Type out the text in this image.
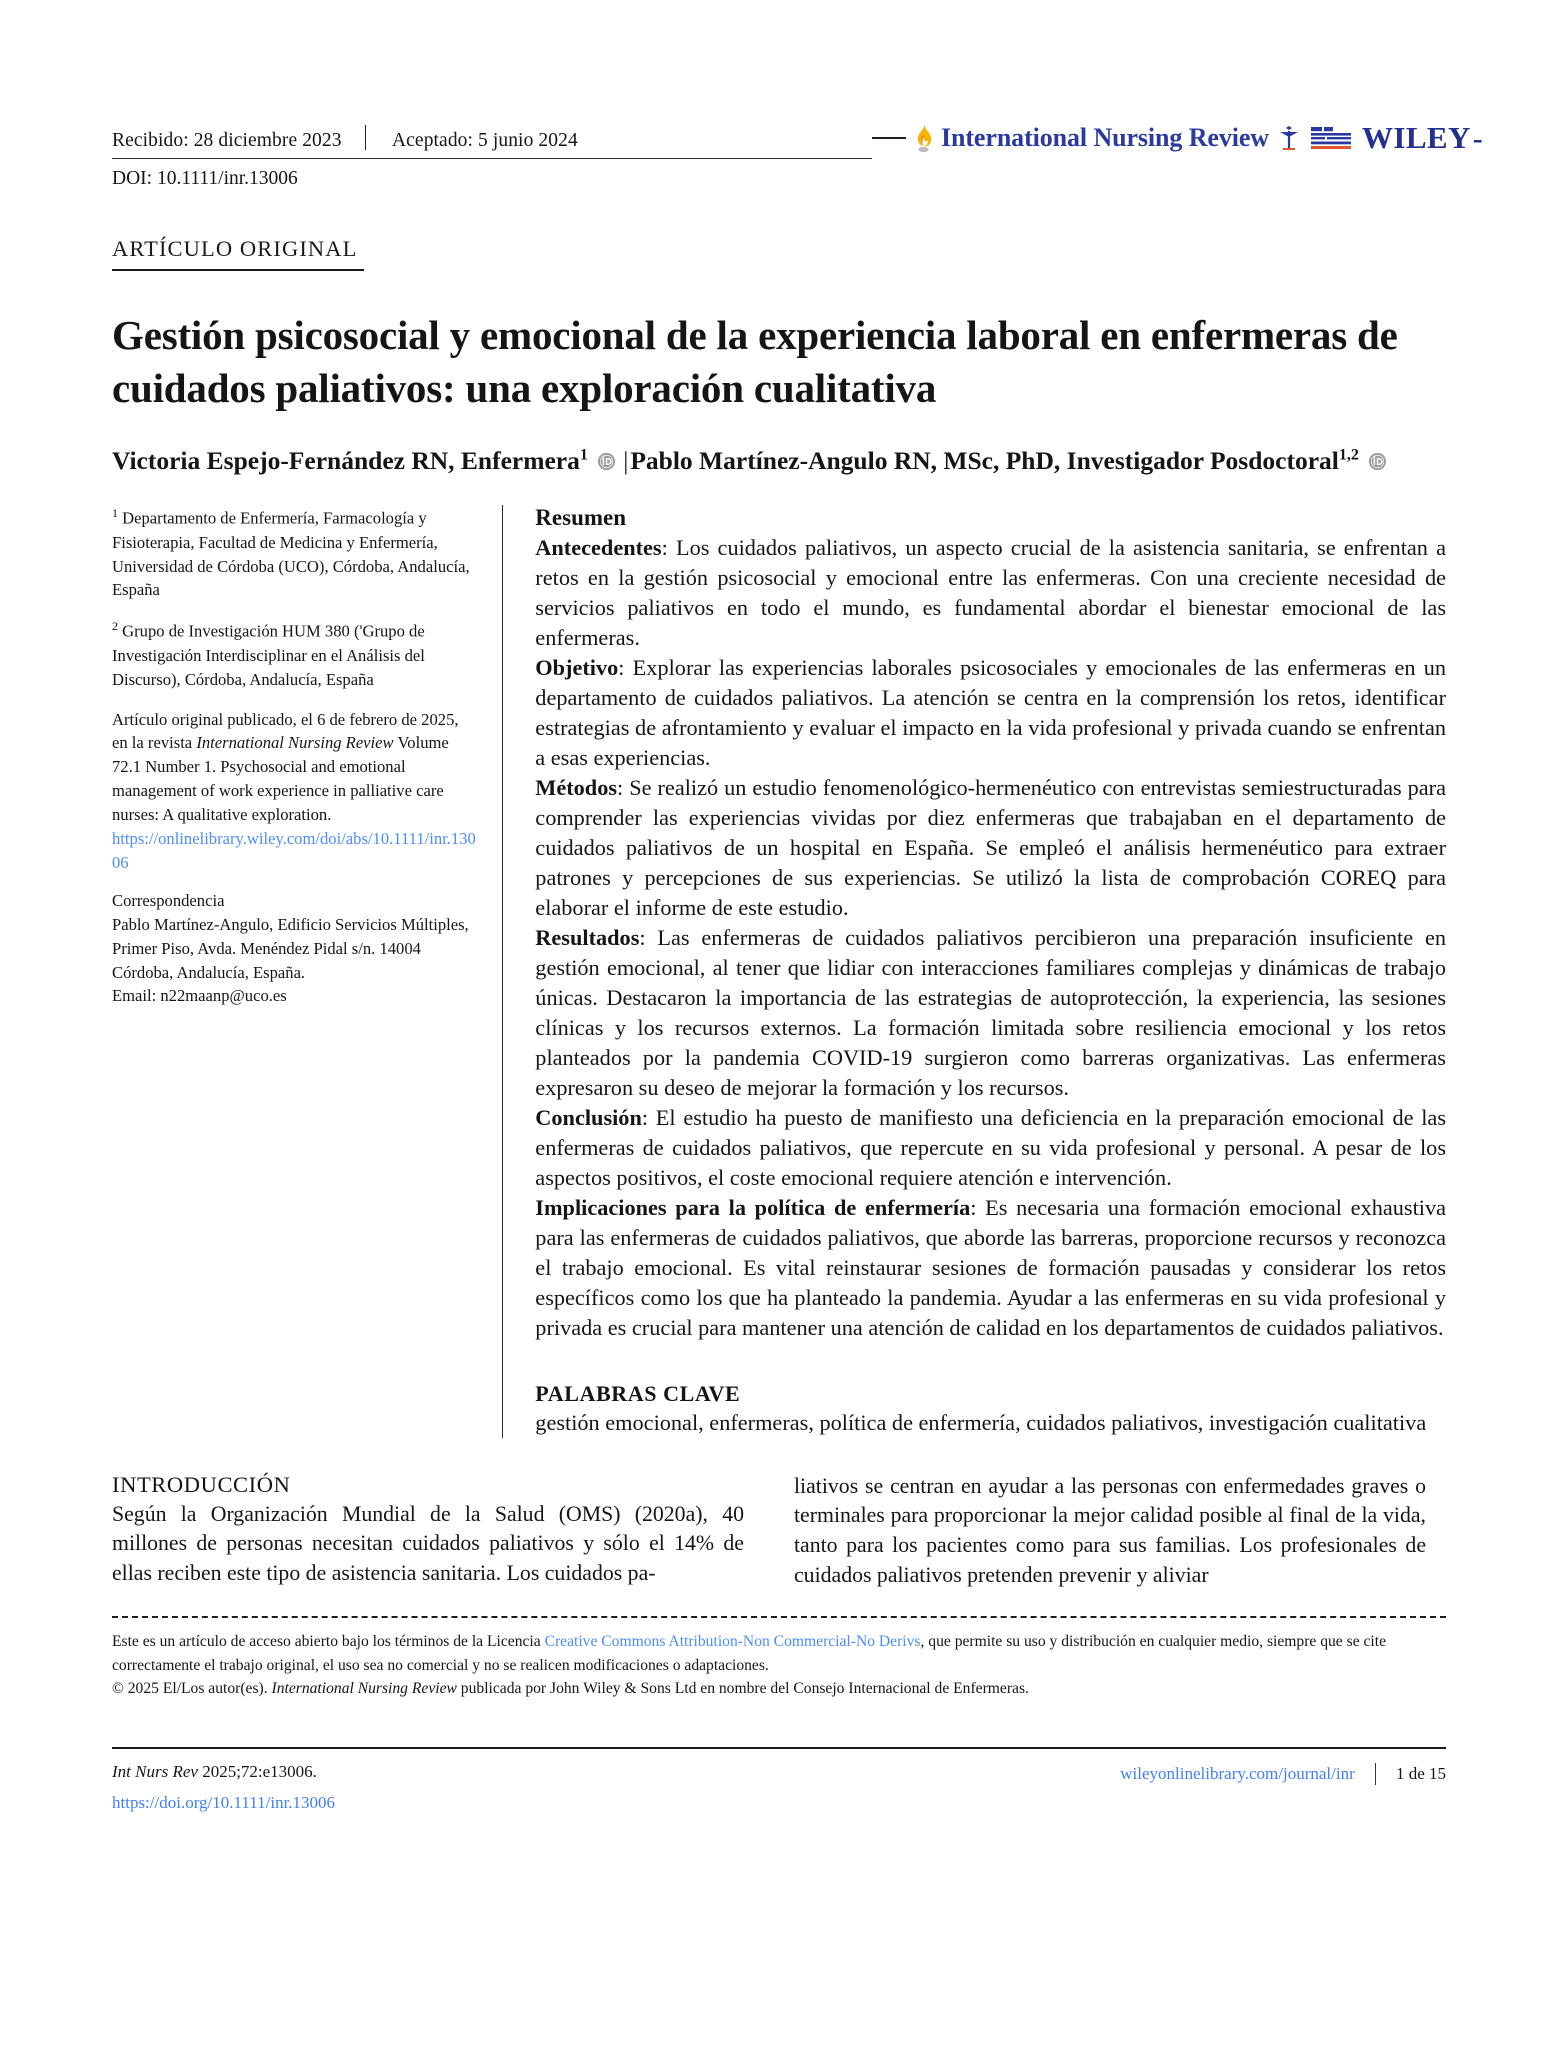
Recibido: 28 diciembre 2023	Aceptado: 5 junio 2024
DOI: 10.1111/inr.13006
International Nursing Review	WILEY-
ARTÍCULO ORIGINAL
Gestión psicosocial y emocional de la experiencia laboral en enfermeras de cuidados paliativos: una exploración cualitativa
Victoria Espejo-Fernández RN, Enfermera$^1$ |Pablo Martínez-Angulo RN, MSc, PhD, Investigador Posdoctoral$^{1,2}$
$^1$ Departamento de Enfermería, Farmacología y Fisioterapia, Facultad de Medicina y Enfermería, Universidad de Córdoba (UCO), Córdoba, Andalucía, España
$^2$ Grupo de Investigación HUM 380 ('Grupo de Investigación Interdisciplinar en el Análisis del Discurso), Córdoba, Andalucía, España
Artículo original publicado, el 6 de febrero de 2025, en la revista International Nursing Review Volume 72.1 Number 1. Psychosocial and emotional management of work experience in palliative care nurses: A qualitative exploration.
https://onlinelibrary.wiley.com/doi/abs/10.1111/inr.13006
Correspondencia
Pablo Martínez-Angulo, Edificio Servicios Múltiples,
Primer Piso, Avda. Menéndez Pidal s/n. 14004
Córdoba, Andalucía, España.
Email: n22maanp@uco.es
Resumen

Antecedentes: Los cuidados paliativos, un aspecto crucial de la asistencia sanitaria, se enfrentan a retos en la gestión psicosocial y emocional entre las enfermeras. Con una creciente necesidad de servicios paliativos en todo el mundo, es fundamental abordar el bienestar emocional de las enfermeras.

Objetivo: Explorar las experiencias laborales psicosociales y emocionales de las enfermeras en un departamento de cuidados paliativos. La atención se centra en la comprensión los retos, identificar estrategias de afrontamiento y evaluar el impacto en la vida profesional y privada cuando se enfrentan a esas experiencias.

Métodos: Se realizó un estudio fenomenológico-hermenéutico con entrevistas semiestructuradas para comprender las experiencias vividas por diez enfermeras que trabajaban en el departamento de cuidados paliativos de un hospital en España. Se empleó el análisis hermenéutico para extraer patrones y percepciones de sus experiencias. Se utilizó la lista de comprobación COREQ para elaborar el informe de este estudio.

Resultados: Las enfermeras de cuidados paliativos percibieron una preparación insuficiente en gestión emocional, al tener que lidiar con interacciones familiares complejas y dinámicas de trabajo únicas. Destacaron la importancia de las estrategias de autoprotección, la experiencia, las sesiones clínicas y los recursos externos. La formación limitada sobre resiliencia emocional y los retos planteados por la pandemia COVID-19 surgieron como barreras organizativas. Las enfermeras expresaron su deseo de mejorar la formación y los recursos.

Conclusión: El estudio ha puesto de manifiesto una deficiencia en la preparación emocional de las enfermeras de cuidados paliativos, que repercute en su vida profesional y personal. A pesar de los aspectos positivos, el coste emocional requiere atención e intervención.

Implicaciones para la política de enfermería: Es necesaria una formación emocional exhaustiva para las enfermeras de cuidados paliativos, que aborde las barreras, proporcione recursos y reconozca el trabajo emocional. Es vital reinstaurar sesiones de formación pausadas y considerar los retos específicos como los que ha planteado la pandemia. Ayudar a las enfermeras en su vida profesional y privada es crucial para mantener una atención de calidad en los departamentos de cuidados paliativos.

PALABRAS CLAVE

gestión emocional, enfermeras, política de enfermería, cuidados paliativos, investigación cualitativa

INTRODUCCIÓN

Según la Organización Mundial de la Salud (OMS) (2020a), 40 millones de personas necesitan cuidados paliativos y sólo el 14% de ellas reciben este tipo de asistencia sanitaria. Los cuidados pa-

liativos se centran en ayudar a las personas con enfermedades graves o terminales para proporcionar la mejor calidad posible al final de la vida, tanto para los pacientes como para sus familias. Los profesionales de cuidados paliativos pretenden prevenir y aliviar

Este es un artículo de acceso abierto bajo los términos de la Licencia Creative Commons Attribution-Non Commercial-No Derivs, que permite su uso y distribución en cualquier medio, siempre que se cite correctamente el trabajo original, el uso sea no comercial y no se realicen modificaciones o adaptaciones.
© 2025 El/Los autor(es). International Nursing Review publicada por John Wiley & Sons Ltd en nombre del Consejo Internacional de Enfermeras.
Int Nurs Rev 2025;72:e13006.
https://doi.org/10.1111/inr.13006
wileyonlinelibrary.com/journal/inr 1 de 15
